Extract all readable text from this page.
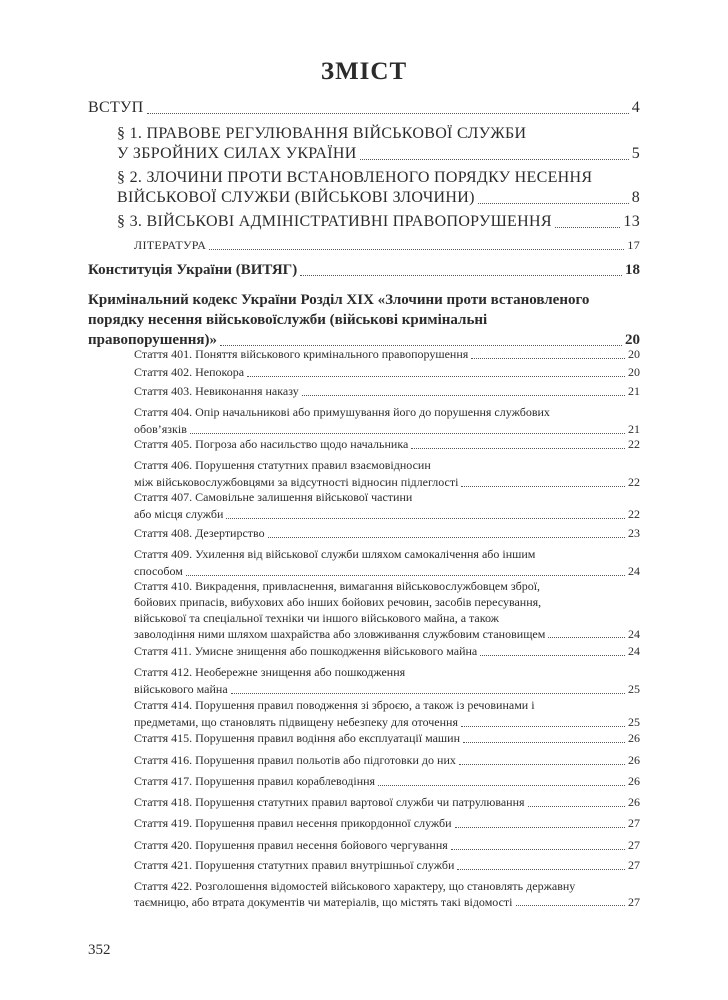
ЗМІСТ
ВСТУП	4
§ 1. ПРАВОВЕ РЕГУЛЮВАННЯ ВІЙСЬКОВОЇ СЛУЖБИ
У ЗБРОЙНИХ СИЛАХ УКРАЇНИ	5
§ 2. ЗЛОЧИНИ ПРОТИ ВСТАНОВЛЕНОГО ПОРЯДКУ НЕСЕННЯ
ВІЙСЬКОВОЇ СЛУЖБИ (ВІЙСЬКОВІ ЗЛОЧИНИ)	8
§ 3. ВІЙСЬКОВІ АДМІНІСТРАТИВНІ ПРАВОПОРУШЕННЯ	13
ЛІТЕРАТУРА	17
Конституція України (ВИТЯГ)	18
Кримінальний кодекс України Розділ XIX «Злочини проти встановленого
порядку несення військовоїслужби (військові кримінальні
правопорушення)»	20
Стаття 401. Поняття військового кримінального правопорушення	20
Стаття 402. Непокора	20
Стаття 403. Невиконання наказу	21
Стаття 404. Опір начальникові або примушування його до порушення службових
обов’язків	21
Стаття 405. Погроза або насильство щодо начальника	22
Стаття 406. Порушення статутних правил взаємовідносин
між військовослужбовцями за відсутності відносин підлеглості	22
Стаття 407. Самовільне залишення військової частини
або місця служби	22
Стаття 408. Дезертирство	23
Стаття 409. Ухилення від військової служби шляхом самокалічення або іншим
способом	24
Стаття 410. Викрадення, привласнення, вимагання військовослужбовцем зброї,
бойових припасів, вибухових або інших бойових речовин, засобів пересування,
військової та спеціальної техніки чи іншого військового майна, а також
заволодіння ними шляхом шахрайства або зловживання службовим становищем	24
Стаття 411. Умисне знищення або пошкодження військового майна	24
Стаття 412. Необережне знищення або пошкодження
військового майна	25
Стаття 414. Порушення правил поводження зі зброєю, а також із речовинами і
предметами, що становлять підвищену небезпеку для оточення	25
Стаття 415. Порушення правил водіння або експлуатації машин	26
Стаття 416. Порушення правил польотів або підготовки до них	26
Стаття 417. Порушення правил кораблеводіння	26
Стаття 418. Порушення статутних правил вартової служби чи патрулювання	26
Стаття 419. Порушення правил несення прикордонної служби	27
Стаття 420. Порушення правил несення бойового чергування	27
Стаття 421. Порушення статутних правил внутрішньої служби	27
Стаття 422. Розголошення відомостей військового характеру, що становлять державну
таємницю, або втрата документів чи матеріалів, що містять такі відомості	27
352
